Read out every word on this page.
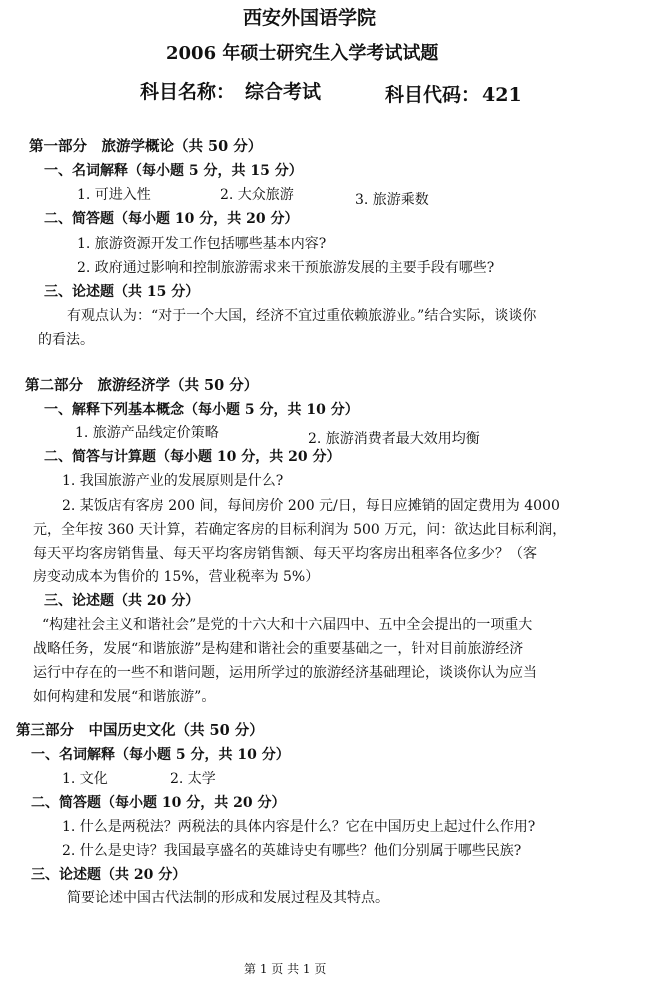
西安外国语学院
2006 年硕士研究生入学考试试题
科目名称： 综合考试	科目代码： 421
第一部分　旅游学概论（共 50 分）
一、名词解释（每小题 5 分，共 15 分）
1. 可进入性	2. 大众旅游	3. 旅游乘数
二、简答题（每小题 10 分，共 20 分）
1. 旅游资源开发工作包括哪些基本内容?
2. 政府通过影响和控制旅游需求来干预旅游发展的主要手段有哪些?
三、论述题（共 15 分）
有观点认为：“对于一个大国，经济不宜过重依赖旅游业。”结合实际，谈谈你
的看法。
第二部分　旅游经济学（共 50 分）
一、解释下列基本概念（每小题 5 分，共 10 分）
1. 旅游产品线定价策略	2. 旅游消费者最大效用均衡
二、简答与计算题（每小题 10 分，共 20 分）
1. 我国旅游产业的发展原则是什么?
2. 某饭店有客房 200 间，每间房价 200 元/日，每日应摊销的固定费用为 4000
元，全年按 360 天计算，若确定客房的目标利润为 500 万元，问：欲达此目标利润，
每天平均客房销售量、每天平均客房销售额、每天平均客房出租率各位多少？（客
房变动成本为售价的 15%，营业税率为 5%）
三、论述题（共 20 分）
“构建社会主义和谐社会”是党的十六大和十六届四中、五中全会提出的一项重大
战略任务，发展“和谐旅游”是构建和谐社会的重要基础之一，针对目前旅游经济
运行中存在的一些不和谐问题，运用所学过的旅游经济基础理论，谈谈你认为应当
如何构建和发展“和谐旅游”。
第三部分　中国历史文化（共 50 分）
一、名词解释（每小题 5 分，共 10 分）
1. 文化	2. 太学
二、简答题（每小题 10 分，共 20 分）
1. 什么是两税法？两税法的具体内容是什么？它在中国历史上起过什么作用?
2. 什么是史诗？我国最享盛名的英雄诗史有哪些？他们分别属于哪些民族?
三、论述题（共 20 分）
简要论述中国古代法制的形成和发展过程及其特点。
第 1 页 共 1 页
